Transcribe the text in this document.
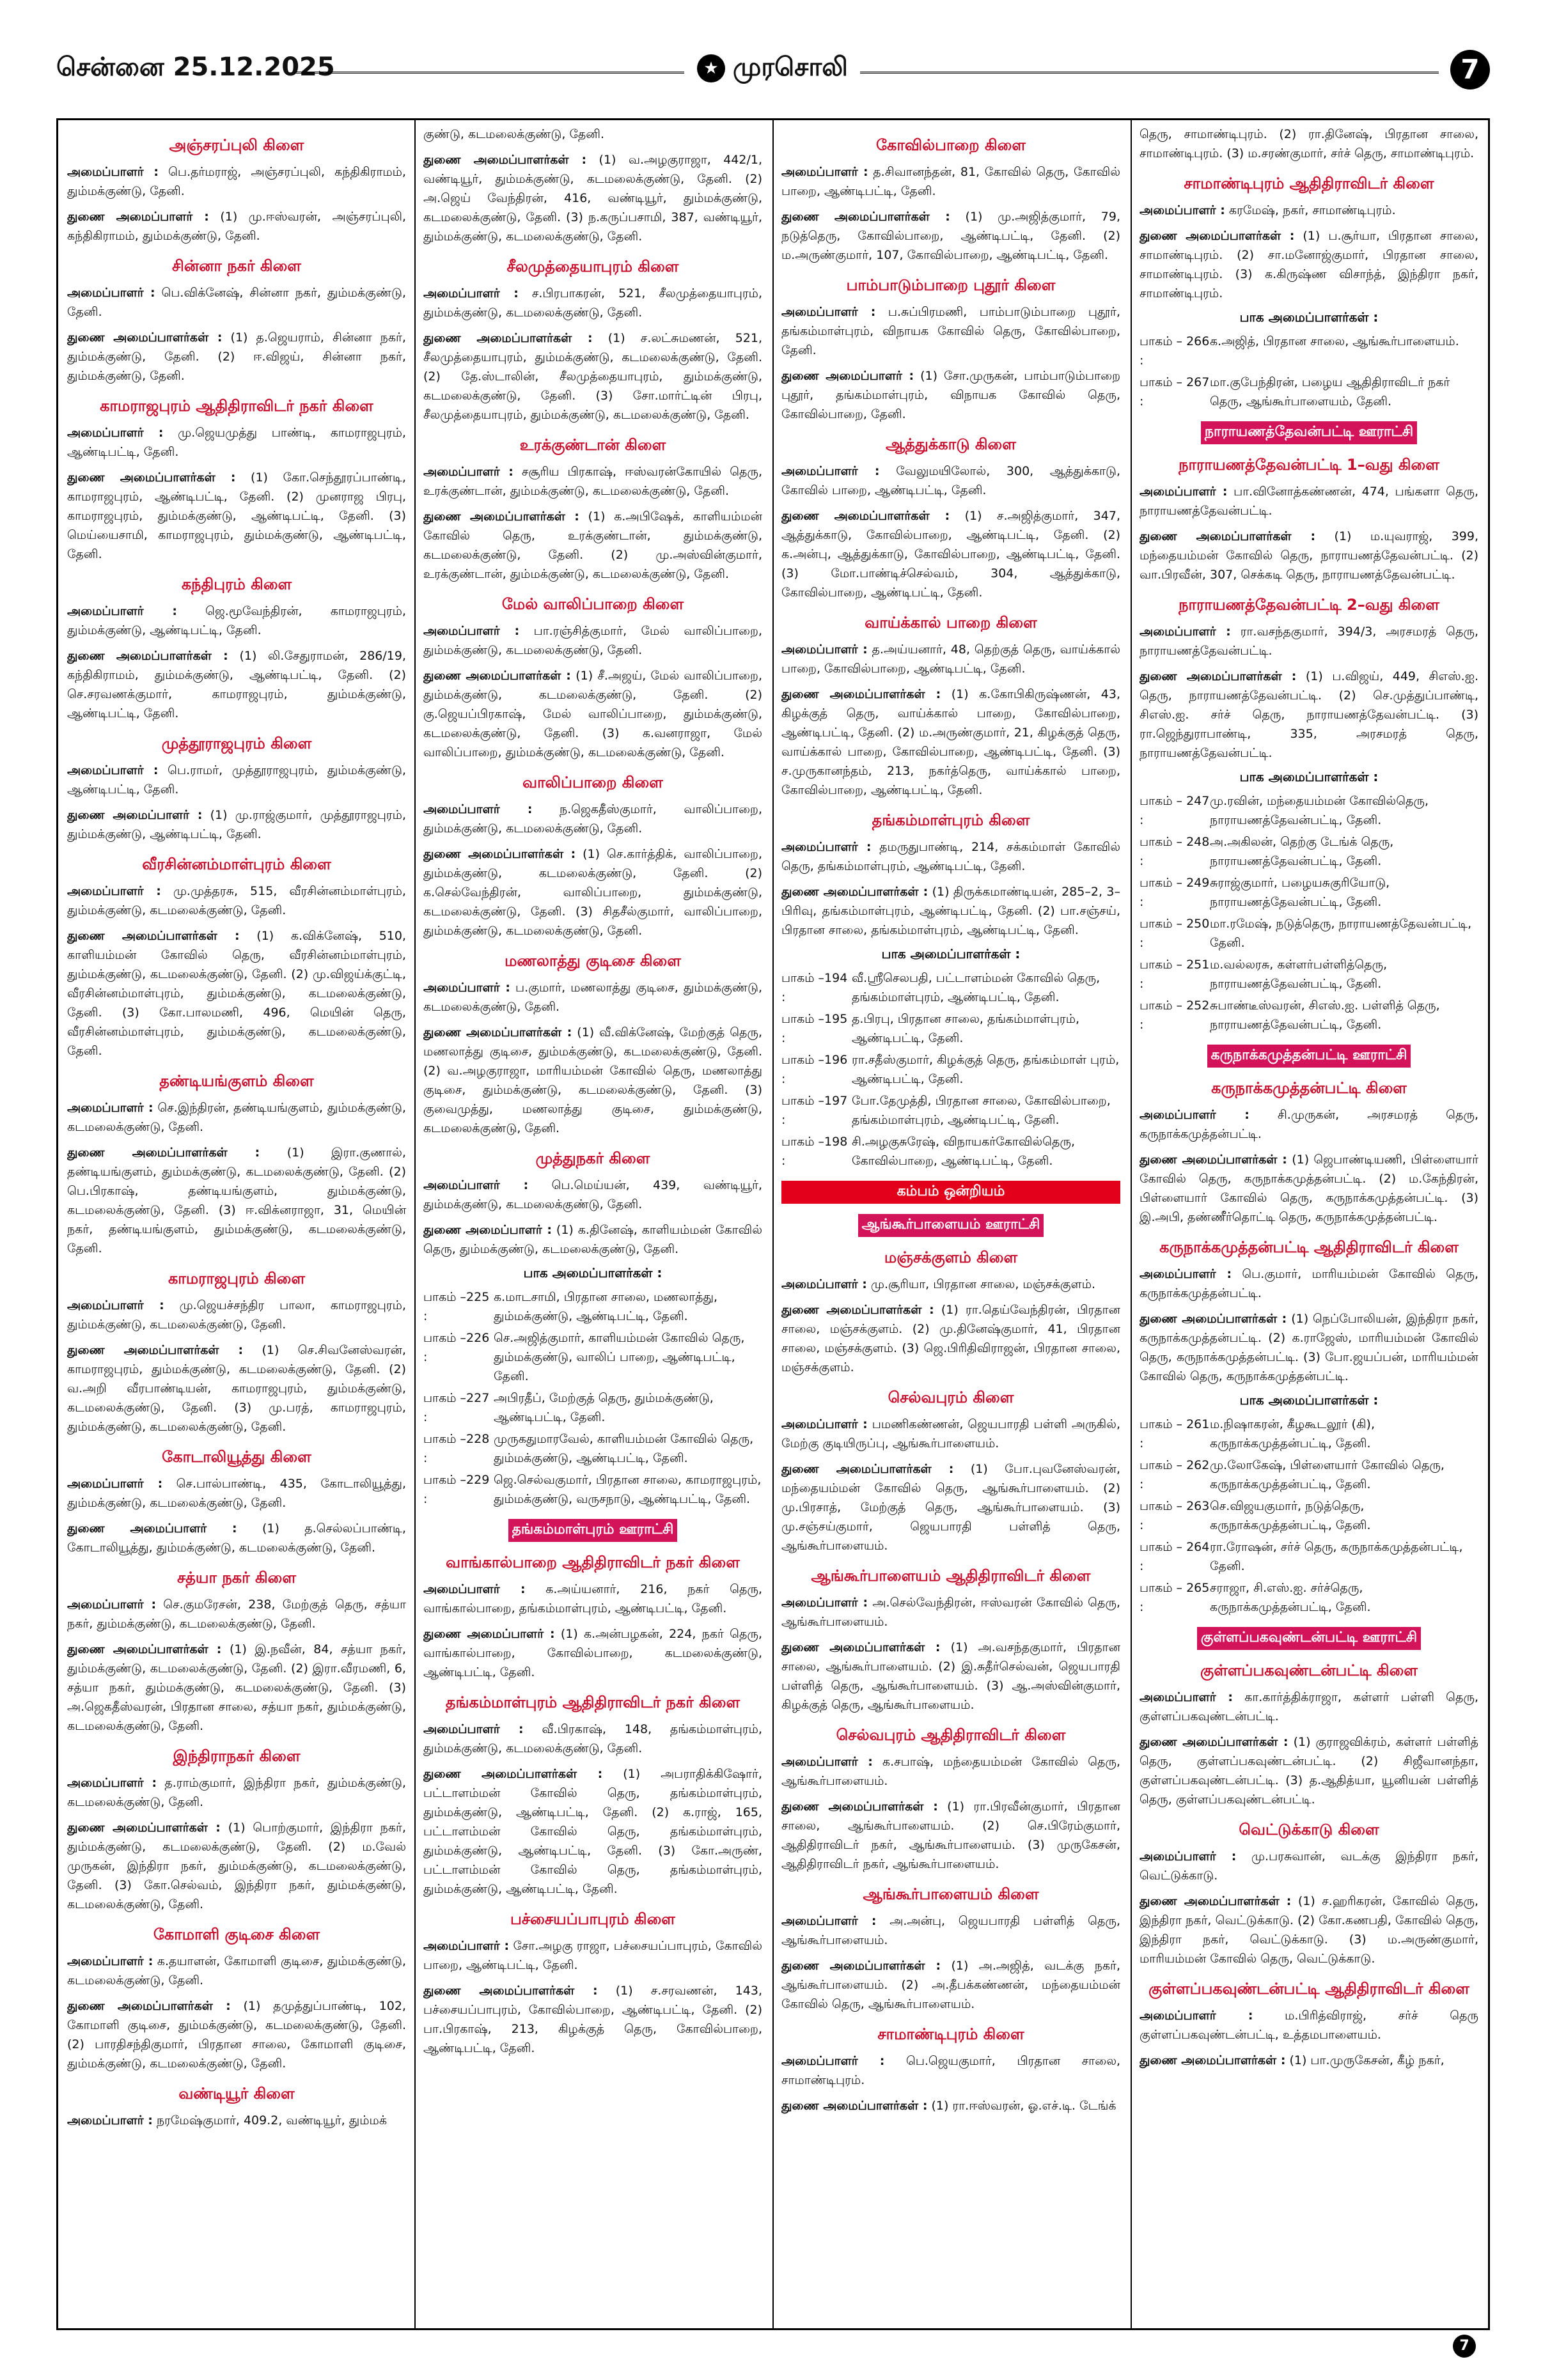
சென்னை 25.12.2025	★ முரசொலி	7
அஞ்சரப்புலி கிளை
அமைப்பாளர் : பெ.தர்மராஜ், அஞ்சரப்புலி, கந்திகிராமம், தும்மக்குண்டு, தேனி.
துணை அமைப்பாளர் : (1) மு.ஈஸ்வரன், அஞ்சரப்புலி, கந்திகிராமம், தும்மக்குண்டு, தேனி.
சின்னா நகர் கிளை
அமைப்பாளர் : பெ.விக்னேஷ், சின்னா நகர், தும்மக்குண்டு, தேனி.
துணை அமைப்பாளர்கள் : (1) த.ஜெயராம், சின்னா நகர், தும்மக்குண்டு, தேனி. (2) ஈ.விஜய், சின்னா நகர், தும்மக்குண்டு, தேனி.
காமராஜபுரம் ஆதிதிராவிடர் நகர் கிளை
அமைப்பாளர் : மு.ஜெயமுத்து பாண்டி, காமராஜபுரம், ஆண்டிபட்டி, தேனி.
துணை அமைப்பாளர்கள் : (1) கோ.செந்தூரப்பாண்டி, காமராஜபுரம், ஆண்டிபட்டி, தேனி. (2) முனராஜ பிரபு, காமராஜபுரம், தும்மக்குண்டு, ஆண்டிபட்டி, தேனி. (3) மெய்யைசாமி, காமராஜபுரம், தும்மக்குண்டு, ஆண்டிபட்டி, தேனி.
கந்திபுரம் கிளை
அமைப்பாளர் : ஜெ.மூவேந்திரன், காமராஜபுரம், தும்மக்குண்டு, ஆண்டிபட்டி, தேனி.
துணை அமைப்பாளர்கள் : (1) லி.சேதுராமன், 286/19, கந்திகிராமம், தும்மக்குண்டு, ஆண்டிபட்டி, தேனி. (2) செ.சரவணக்குமார், காமராஜபுரம், தும்மக்குண்டு, ஆண்டிபட்டி, தேனி.
முத்தூராஜபுரம் கிளை
அமைப்பாளர் : பெ.ராமர், முத்தூராஜபுரம், தும்மக்குண்டு, ஆண்டிபட்டி, தேனி.
துணை அமைப்பாளர் : (1) மு.ராஜ்குமார், முத்தூராஜபுரம், தும்மக்குண்டு, ஆண்டிபட்டி, தேனி.
வீரசின்னம்மாள்புரம் கிளை
அமைப்பாளர் : மு.முத்தரசு, 515, வீரசின்னம்மாள்புரம், தும்மக்குண்டு, கடமலைக்குண்டு, தேனி.
துணை அமைப்பாளர்கள் : (1) க.விக்னேஷ், 510, காளியம்மன் கோவில் தெரு, வீரசின்னம்மாள்புரம், தும்மக்குண்டு, கடமலைக்குண்டு, தேனி. (2) மு.விஜய்க்குட்டி, வீரசின்னம்மாள்புரம், தும்மக்குண்டு, கடமலைக்குண்டு, தேனி. (3) கோ.பாலமணி, 496, மெயின் தெரு, வீரசின்னம்மாள்புரம், தும்மக்குண்டு, கடமலைக்குண்டு, தேனி.
தண்டியங்குளம் கிளை
அமைப்பாளர் : செ.இந்திரன், தண்டியங்குளம், தும்மக்குண்டு, கடமலைக்குண்டு, தேனி.
துணை அமைப்பாளர்கள் : (1) இரா.குணால், தண்டியங்குளம், தும்மக்குண்டு, கடமலைக்குண்டு, தேனி. (2) பெ.பிரகாஷ், தண்டியங்குளம், தும்மக்குண்டு, கடமலைக்குண்டு, தேனி. (3) ஈ.விக்னராஜா, 31, மெயின் நகர், தண்டியங்குளம், தும்மக்குண்டு, கடமலைக்குண்டு, தேனி.
காமராஜபுரம் கிளை
அமைப்பாளர் : மு.ஜெயச்சந்திர பாலா, காமராஜபுரம், தும்மக்குண்டு, கடமலைக்குண்டு, தேனி.
துணை அமைப்பாளர்கள் : (1) செ.சிவனேஸ்வரன், காமராஜபுரம், தும்மக்குண்டு, கடமலைக்குண்டு, தேனி. (2) வ.அறி வீரபாண்டியன், காமராஜபுரம், தும்மக்குண்டு, கடமலைக்குண்டு, தேனி. (3) மு.பரத், காமராஜபுரம், தும்மக்குண்டு, கடமலைக்குண்டு, தேனி.
கோடாலியூத்து கிளை
அமைப்பாளர் : செ.பால்பாண்டி, 435, கோடாலியூத்து, தும்மக்குண்டு, கடமலைக்குண்டு, தேனி.
துணை அமைப்பாளர் : (1) த.செல்லப்பாண்டி, கோடாலியூத்து, தும்மக்குண்டு, கடமலைக்குண்டு, தேனி.
சத்யா நகர் கிளை
அமைப்பாளர் : செ.குமரேசன், 238, மேற்குத் தெரு, சத்யா நகர், தும்மக்குண்டு, கடமலைக்குண்டு, தேனி.
துணை அமைப்பாளர்கள் : (1) இ.நவீன், 84, சத்யா நகர், தும்மக்குண்டு, கடமலைக்குண்டு, தேனி. (2) இரா.வீரமணி, 6, சத்யா நகர், தும்மக்குண்டு, கடமலைக்குண்டு, தேனி. (3) அ.ஜெகதீஸ்வரன், பிரதான சாலை, சத்யா நகர், தும்மக்குண்டு, கடமலைக்குண்டு, தேனி.
இந்திராநகர் கிளை
அமைப்பாளர் : த.ராம்குமார், இந்திரா நகர், தும்மக்குண்டு, கடமலைக்குண்டு, தேனி.
துணை அமைப்பாளர்கள் : (1) பொற்குமார், இந்திரா நகர், தும்மக்குண்டு, கடமலைக்குண்டு, தேனி. (2) ம.வேல் முருகன், இந்திரா நகர், தும்மக்குண்டு, கடமலைக்குண்டு, தேனி. (3) கோ.செல்வம், இந்திரா நகர், தும்மக்குண்டு, கடமலைக்குண்டு, தேனி.
கோமாளி குடிசை கிளை
அமைப்பாளர் : க.தயாளன், கோமாளி குடிசை, தும்மக்குண்டு, கடமலைக்குண்டு, தேனி.
துணை அமைப்பாளர்கள் : (1) தமுத்துப்பாண்டி, 102, கோமாளி குடிசை, தும்மக்குண்டு, கடமலைக்குண்டு, தேனி. (2) பாரதிசந்திகுமார், பிரதான சாலை, கோமாளி குடிசை, தும்மக்குண்டு, கடமலைக்குண்டு, தேனி.
வண்டியூர் கிளை
அமைப்பாளர் : நரமேஷ்குமார், 409.2, வண்டியூர், தும்மக்
குண்டு, கடமலைக்குண்டு, தேனி.
துணை அமைப்பாளர்கள் : (1) வ.அழகுராஜா, 442/1, வண்டியூர், தும்மக்குண்டு, கடமலைக்குண்டு, தேனி. (2) அ.ஜெய் வேந்திரன், 416, வண்டியூர், தும்மக்குண்டு, கடமலைக்குண்டு, தேனி. (3) ந.கருப்பசாமி, 387, வண்டியூர், தும்மக்குண்டு, கடமலைக்குண்டு, தேனி.
சீலமுத்தையாபுரம் கிளை
அமைப்பாளர் : ச.பிரபாகரன், 521, சீலமுத்தையாபுரம், தும்மக்குண்டு, கடமலைக்குண்டு, தேனி.
துணை அமைப்பாளர்கள் : (1) ச.லட்சுமணன், 521, சீலமுத்தையாபுரம், தும்மக்குண்டு, கடமலைக்குண்டு, தேனி. (2) தே.ஸ்டாலின், சீலமுத்தையாபுரம், தும்மக்குண்டு, கடமலைக்குண்டு, தேனி. (3) சோ.மார்ட்டின் பிரபு, சீலமுத்தையாபுரம், தும்மக்குண்டு, கடமலைக்குண்டு, தேனி.
உரக்குண்டான் கிளை
அமைப்பாளர் : சசூரிய பிரகாஷ், ஈஸ்வரன்கோயில் தெரு, உரக்குண்டான், தும்மக்குண்டு, கடமலைக்குண்டு, தேனி.
துணை அமைப்பாளர்கள் : (1) க.அபிஷேக், காளியம்மன் கோவில் தெரு, உரக்குண்டான், தும்மக்குண்டு, கடமலைக்குண்டு, தேனி. (2) மு.அஸ்வின்குமார், உரக்குண்டான், தும்மக்குண்டு, கடமலைக்குண்டு, தேனி.
மேல் வாலிப்பாறை கிளை
அமைப்பாளர் : பா.ரஞ்சித்குமார், மேல் வாலிப்பாறை, தும்மக்குண்டு, கடமலைக்குண்டு, தேனி.
துணை அமைப்பாளர்கள் : (1) சீ.அஜய், மேல் வாலிப்பாறை, தும்மக்குண்டு, கடமலைக்குண்டு, தேனி. (2) கு.ஜெயப்பிரகாஷ், மேல் வாலிப்பாறை, தும்மக்குண்டு, கடமலைக்குண்டு, தேனி. (3) க.வனராஜா, மேல் வாலிப்பாறை, தும்மக்குண்டு, கடமலைக்குண்டு, தேனி.
வாலிப்பாறை கிளை
அமைப்பாளர் : ந.ஜெகதீஸ்குமார், வாலிப்பாறை, தும்மக்குண்டு, கடமலைக்குண்டு, தேனி.
துணை அமைப்பாளர்கள் : (1) செ.கார்த்திக், வாலிப்பாறை, தும்மக்குண்டு, கடமலைக்குண்டு, தேனி. (2) க.செல்வேந்திரன், வாலிப்பாறை, தும்மக்குண்டு, கடமலைக்குண்டு, தேனி. (3) சிதசீல்குமார், வாலிப்பாறை, தும்மக்குண்டு, கடமலைக்குண்டு, தேனி.
மணலாத்து குடிசை கிளை
அமைப்பாளர் : ப.குமார், மணலாத்து குடிசை, தும்மக்குண்டு, கடமலைக்குண்டு, தேனி.
துணை அமைப்பாளர்கள் : (1) வீ.விக்னேஷ், மேற்குத் தெரு, மணலாத்து குடிசை, தும்மக்குண்டு, கடமலைக்குண்டு, தேனி. (2) வ.அழகுராஜா, மாரியம்மன் கோவில் தெரு, மணலாத்து குடிசை, தும்மக்குண்டு, கடமலைக்குண்டு, தேனி. (3) குவைமுத்து, மணலாத்து குடிசை, தும்மக்குண்டு, கடமலைக்குண்டு, தேனி.
முத்துநகர் கிளை
அமைப்பாளர் : பெ.மெய்யன், 439, வண்டியூர், தும்மக்குண்டு, கடமலைக்குண்டு, தேனி.
துணை அமைப்பாளர் : (1) க.தினேஷ், காளியம்மன் கோவில் தெரு, தும்மக்குண்டு, கடமலைக்குண்டு, தேனி.
பாக அமைப்பாளர்கள் :
பாகம் –225 :
க.மாடசாமி, பிரதான சாலை, மணலாத்து, தும்மக்குண்டு, ஆண்டிபட்டி, தேனி.
பாகம் –226 :
செ.அஜித்குமார், காளியம்மன் கோவில் தெரு, தும்மக்குண்டு, வாலிப் பாறை, ஆண்டிபட்டி, தேனி.
பாகம் –227 :
அபிரதீப், மேற்குத் தெரு, தும்மக்குண்டு, ஆண்டிபட்டி, தேனி.
பாகம் –228 :
முருகதுமாரவேல், காளியம்மன் கோவில் தெரு, தும்மக்குண்டு, ஆண்டிபட்டி, தேனி.
பாகம் –229 :
ஜெ.செல்வகுமார், பிரதான சாலை, காமராஜபுரம், தும்மக்குண்டு, வருசநாடு, ஆண்டிபட்டி, தேனி.
தங்கம்மாள்புரம் ஊராட்சி
வாங்கால்பாறை ஆதிதிராவிடர் நகர் கிளை
அமைப்பாளர் : க.அய்யனார், 216, நகர் தெரு, வாங்கால்பாறை, தங்கம்மாள்புரம், ஆண்டிபட்டி, தேனி.
துணை அமைப்பாளர் : (1) க.அன்பழகன், 224, நகர் தெரு, வாங்கால்பாறை, கோவில்பாறை, கடமலைக்குண்டு, ஆண்டிபட்டி, தேனி.
தங்கம்மாள்புரம் ஆதிதிராவிடர் நகர் கிளை
அமைப்பாளர் : வீ.பிரகாஷ், 148, தங்கம்மாள்புரம், தும்மக்குண்டு, கடமலைக்குண்டு, தேனி.
துணை அமைப்பாளர்கள் : (1) அபராதிக்கிஷோர், பட்டாளம்மன் கோவில் தெரு, தங்கம்மாள்புரம், தும்மக்குண்டு, ஆண்டிபட்டி, தேனி. (2) க.ராஜ், 165, பட்டாளம்மன் கோவில் தெரு, தங்கம்மாள்புரம், தும்மக்குண்டு, ஆண்டிபட்டி, தேனி. (3) கோ.அருண், பட்டாளம்மன் கோவில் தெரு, தங்கம்மாள்புரம், தும்மக்குண்டு, ஆண்டிபட்டி, தேனி.
பச்சையப்பாபுரம் கிளை
அமைப்பாளர் : சோ.அழகு ராஜா, பச்சையப்பாபுரம், கோவில் பாறை, ஆண்டிபட்டி, தேனி.
துணை அமைப்பாளர்கள் : (1) ச.சரவணன், 143, பச்சையப்பாபுரம், கோவில்பாறை, ஆண்டிபட்டி, தேனி. (2) பா.பிரகாஷ், 213, கிழக்குத் தெரு, கோவில்பாறை, ஆண்டிபட்டி, தேனி.
கோவில்பாறை கிளை
அமைப்பாளர் : த.சிவானந்தன், 81, கோவில் தெரு, கோவில் பாறை, ஆண்டிபட்டி, தேனி.
துணை அமைப்பாளர்கள் : (1) மு.அஜித்குமார், 79, நடுத்தெரு, கோவில்பாறை, ஆண்டிபட்டி, தேனி. (2) ம.அருண்குமார், 107, கோவில்பாறை, ஆண்டிபட்டி, தேனி.
பாம்பாடும்பாறை புதூர் கிளை
அமைப்பாளர் : ப.சுப்பிரமணி, பாம்பாடும்பாறை புதூர், தங்கம்மாள்புரம், விநாயக கோவில் தெரு, கோவில்பாறை, தேனி.
துணை அமைப்பாளர் : (1) சோ.முருகன், பாம்பாடும்பாறை புதூர், தங்கம்மாள்புரம், விநாயக கோவில் தெரு, கோவில்பாறை, தேனி.
ஆத்துக்காடு கிளை
அமைப்பாளர் : வேலுமயிலோல், 300, ஆத்துக்காடு, கோவில் பாறை, ஆண்டிபட்டி, தேனி.
துணை அமைப்பாளர்கள் : (1) ச.அஜித்குமார், 347, ஆத்துக்காடு, கோவில்பாறை, ஆண்டிபட்டி, தேனி. (2) க.அன்பு, ஆத்துக்காடு, கோவில்பாறை, ஆண்டிபட்டி, தேனி. (3) மோ.பாண்டிச்செல்வம், 304, ஆத்துக்காடு, கோவில்பாறை, ஆண்டிபட்டி, தேனி.
வாய்க்கால் பாறை கிளை
அமைப்பாளர் : த.அய்யனார், 48, தெற்குத் தெரு, வாய்க்கால் பாறை, கோவில்பாறை, ஆண்டிபட்டி, தேனி.
துணை அமைப்பாளர்கள் : (1) க.கோபிகிருஷ்ணன், 43, கிழக்குத் தெரு, வாய்க்கால் பாறை, கோவில்பாறை, ஆண்டிபட்டி, தேனி. (2) ம.அருண்குமார், 21, கிழக்குத் தெரு, வாய்க்கால் பாறை, கோவில்பாறை, ஆண்டிபட்டி, தேனி. (3) ச.முருகானந்தம், 213, நகர்த்தெரு, வாய்க்கால் பாறை, கோவில்பாறை, ஆண்டிபட்டி, தேனி.
தங்கம்மாள்புரம் கிளை
அமைப்பாளர் : தமருதுபாண்டி, 214, சக்கம்மாள் கோவில் தெரு, தங்கம்மாள்புரம், ஆண்டிபட்டி, தேனி.
துணை அமைப்பாளர்கள் : (1) திருக்கமாண்டியன், 285–2, 3–பிரிவு, தங்கம்மாள்புரம், ஆண்டிபட்டி, தேனி. (2) பா.சஞ்சய், பிரதான சாலை, தங்கம்மாள்புரம், ஆண்டிபட்டி, தேனி.
பாக அமைப்பாளர்கள் :
பாகம் –194 :
வீ.ஸ்ரீசெலபதி, பட்டாளம்மன் கோவில் தெரு, தங்கம்மாள்புரம், ஆண்டிபட்டி, தேனி.
பாகம் –195 :
த.பிரபு, பிரதான சாலை, தங்கம்மாள்புரம், ஆண்டிபட்டி, தேனி.
பாகம் –196 :
ரா.சதீஸ்குமார், கிழக்குத் தெரு, தங்கம்மாள் புரம், ஆண்டிபட்டி, தேனி.
பாகம் –197 :
போ.தேமுத்தி, பிரதான சாலை, கோவில்பாறை, தங்கம்மாள்புரம், ஆண்டிபட்டி, தேனி.
பாகம் –198 :
சி.அழகுசுரேஷ், விநாயகர்கோவில்தெரு, கோவில்பாறை, ஆண்டிபட்டி, தேனி.
கம்பம் ஒன்றியம்
ஆங்கூர்பாளையம் ஊராட்சி
மஞ்சக்குளம் கிளை
அமைப்பாளர் : மு.சூரியா, பிரதான சாலை, மஞ்சக்குளம்.
துணை அமைப்பாளர்கள் : (1) ரா.தெய்வேந்திரன், பிரதான சாலை, மஞ்சக்குளம். (2) மு.தினேஷ்குமார், 41, பிரதான சாலை, மஞ்சக்குளம். (3) ஜெ.பிரிதிவிராஜன், பிரதான சாலை, மஞ்சக்குளம்.
செல்வபுரம் கிளை
அமைப்பாளர் : பமணிகண்ணன், ஜெயபாரதி பள்ளி அருகில், மேற்கு குடியிருப்பு, ஆங்கூர்பாளையம்.
துணை அமைப்பாளர்கள் : (1) போ.புவனேஸ்வரன், மந்தையம்மன் கோவில் தெரு, ஆங்கூர்பாளையம். (2) மு.பிரசாத், மேற்குத் தெரு, ஆங்கூர்பாளையம். (3) மு.சஞ்சய்குமார், ஜெயபாரதி பள்ளித் தெரு, ஆங்கூர்பாளையம்.
ஆங்கூர்பாளையம் ஆதிதிராவிடர் கிளை
அமைப்பாளர் : அ.செல்வேந்திரன், ஈஸ்வரன் கோவில் தெரு, ஆங்கூர்பாளையம்.
துணை அமைப்பாளர்கள் : (1) அ.வசந்தகுமார், பிரதான சாலை, ஆங்கூர்பாளையம். (2) இ.சுதீர்செல்வன், ஜெயபாரதி பள்ளித் தெரு, ஆங்கூர்பாளையம். (3) ஆ.அஸ்வின்குமார், கிழக்குத் தெரு, ஆங்கூர்பாளையம்.
செல்வபுரம் ஆதிதிராவிடர் கிளை
அமைப்பாளர் : க.சபாஷ், மந்தையம்மன் கோவில் தெரு, ஆங்கூர்பாளையம்.
துணை அமைப்பாளர்கள் : (1) ரா.பிரவீன்குமார், பிரதான சாலை, ஆங்கூர்பாளையம். (2) செ.பிரேம்குமார், ஆதிதிராவிடர் நகர், ஆங்கூர்பாளையம். (3) முருகேசன், ஆதிதிராவிடர் நகர், ஆங்கூர்பாளையம்.
ஆங்கூர்பாளையம் கிளை
அமைப்பாளர் : அ.அன்பு, ஜெயபாரதி பள்ளித் தெரு, ஆங்கூர்பாளையம்.
துணை அமைப்பாளர்கள் : (1) அ.அஜித், வடக்கு நகர், ஆங்கூர்பாளையம். (2) அ.தீபக்கண்ணன், மந்தையம்மன் கோவில் தெரு, ஆங்கூர்பாளையம்.
சாமாண்டிபுரம் கிளை
அமைப்பாளர் : பெ.ஜெயகுமார், பிரதான சாலை, சாமாண்டிபுரம்.
துணை அமைப்பாளர்கள் : (1) ரா.ஈஸ்வரன், ஓ.எச்.டி. டேங்க்
தெரு, சாமாண்டிபுரம். (2) ரா.தினேஷ், பிரதான சாலை, சாமாண்டிபுரம். (3) ம.சரண்குமார், சர்ச் தெரு, சாமாண்டிபுரம்.
சாமாண்டிபுரம் ஆதிதிராவிடர் கிளை
அமைப்பாளர் : கரமேஷ், நகர், சாமாண்டிபுரம்.
துணை அமைப்பாளர்கள் : (1) ப.சூர்யா, பிரதான சாலை, சாமாண்டிபுரம். (2) சா.மனோஜ்குமார், பிரதான சாலை, சாமாண்டிபுரம். (3) க.கிருஷ்ண விசாந்த், இந்திரா நகர், சாமாண்டிபுரம்.
பாக அமைப்பாளர்கள் :
பாகம் – 266 :
க.அஜித், பிரதான சாலை, ஆங்கூர்பாளையம்.
பாகம் – 267 :
மா.குபேந்திரன், பழைய ஆதிதிராவிடர் நகர் தெரு, ஆங்கூர்பாளையம், தேனி.
நாராயணத்தேவன்பட்டி ஊராட்சி
நாராயணத்தேவன்பட்டி 1–வது கிளை
அமைப்பாளர் : பா.வினோத்கண்ணன், 474, பங்களா தெரு, நாராயணத்தேவன்பட்டி.
துணை அமைப்பாளர்கள் : (1) ம.யுவராஜ், 399, மந்தையம்மன் கோவில் தெரு, நாராயணத்தேவன்பட்டி. (2) வா.பிரவீன், 307, செக்கடி தெரு, நாராயணத்தேவன்பட்டி.
நாராயணத்தேவன்பட்டி 2–வது கிளை
அமைப்பாளர் : ரா.வசந்தகுமார், 394/3, அரசமரத் தெரு, நாராயணத்தேவன்பட்டி.
துணை அமைப்பாளர்கள் : (1) ப.விஜய், 449, சிஎஸ்.ஐ. தெரு, நாராயணத்தேவன்பட்டி. (2) செ.முத்துப்பாண்டி, சிஎஸ்.ஐ. சர்ச் தெரு, நாராயணத்தேவன்பட்டி. (3) ரா.ஜெந்துராபாண்டி, 335, அரசமரத் தெரு, நாராயணத்தேவன்பட்டி.
பாக அமைப்பாளர்கள் :
பாகம் – 247 :
மு.ரவின், மந்தையம்மன் கோவில்தெரு, நாராயணத்தேவன்பட்டி, தேனி.
பாகம் – 248 :
அ.அகிலன், தெற்கு டேங்க் தெரு, நாராயணத்தேவன்பட்டி, தேனி.
பாகம் – 249 :
சுராஜ்குமார், பழையசுகுரியோடு, நாராயணத்தேவன்பட்டி, தேனி.
பாகம் – 250 :
மா.ரமேஷ், நடுத்தெரு, நாராயணத்தேவன்பட்டி, தேனி.
பாகம் – 251 :
ம.வல்லரசு, கள்ளர்பள்ளித்தெரு, நாராயணத்தேவன்பட்டி, தேனி.
பாகம் – 252 :
சுபாண்டீஸ்வரன், சிஎஸ்.ஐ. பள்ளித் தெரு, நாராயணத்தேவன்பட்டி, தேனி.
கருநாக்கமுத்தன்பட்டி ஊராட்சி
கருநாக்கமுத்தன்பட்டி கிளை
அமைப்பாளர் : சி.முருகன், அரசமரத் தெரு, கருநாக்கமுத்தன்பட்டி.
துணை அமைப்பாளர்கள் : (1) ஜெபாண்டியணி, பிள்ளையார் கோவில் தெரு, கருநாக்கமுத்தன்பட்டி. (2) ம.கேந்திரன், பிள்ளையார் கோவில் தெரு, கருநாக்கமுத்தன்பட்டி. (3) இ.அபி, தண்ணீர்தொட்டி தெரு, கருநாக்கமுத்தன்பட்டி.
கருநாக்கமுத்தன்பட்டி ஆதிதிராவிடர் கிளை
அமைப்பாளர் : பெ.குமார், மாரியம்மன் கோவில் தெரு, கருநாக்கமுத்தன்பட்டி.
துணை அமைப்பாளர்கள் : (1) நெப்போலியன், இந்திரா நகர், கருநாக்கமுத்தன்பட்டி. (2) க.ராஜேஸ், மாரியம்மன் கோவில் தெரு, கருநாக்கமுத்தன்பட்டி. (3) போ.ஜயப்பன், மாரியம்மன் கோவில் தெரு, கருநாக்கமுத்தன்பட்டி.
பாக அமைப்பாளர்கள் :
பாகம் – 261 :
ம.நிஷாகரன், கீழகூடலூர் (கி), கருநாக்கமுத்தன்பட்டி, தேனி.
பாகம் – 262 :
மு.லோகேஷ், பிள்ளையார் கோவில் தெரு, கருநாக்கமுத்தன்பட்டி, தேனி.
பாகம் – 263 :
செ.விஜயகுமார், நடுத்தெரு, கருநாக்கமுத்தன்பட்டி, தேனி.
பாகம் – 264 :
ரா.ரோஷன், சர்ச் தெரு, கருநாக்கமுத்தன்பட்டி, தேனி.
பாகம் – 265 :
சராஜா, சி.எஸ்.ஐ. சர்ச்தெரு, கருநாக்கமுத்தன்பட்டி, தேனி.
குள்ளப்பகவுண்டன்பட்டி ஊராட்சி
குள்ளப்பகவுண்டன்பட்டி கிளை
அமைப்பாளர் : கா.கார்த்திக்ராஜா, கள்ளர் பள்ளி தெரு, குள்ளப்பகவுண்டன்பட்டி.
துணை அமைப்பாளர்கள் : (1) குராஜவிக்ரம், கள்ளர் பள்ளித் தெரு, குள்ளப்பகவுண்டன்பட்டி. (2) சிஜீவானந்தா, குள்ளப்பகவுண்டன்பட்டி. (3) த.ஆதித்யா, யூனியன் பள்ளித் தெரு, குள்ளப்பகவுண்டன்பட்டி.
வெட்டுக்காடு கிளை
அமைப்பாளர் : மு.பரசுவான், வடக்கு இந்திரா நகர், வெட்டுக்காடு.
துணை அமைப்பாளர்கள் : (1) ச.ஹரிகரன், கோவில் தெரு, இந்திரா நகர், வெட்டுக்காடு. (2) கோ.கணபதி, கோவில் தெரு, இந்திரா நகர், வெட்டுக்காடு. (3) ம.அருண்குமார், மாரியம்மன் கோவில் தெரு, வெட்டுக்காடு.
குள்ளப்பகவுண்டன்பட்டி ஆதிதிராவிடர் கிளை
அமைப்பாளர் :	ம.பிரித்விராஜ், சர்ச் தெரு குள்ளப்பகவுண்டன்பட்டி, உத்தமபாளையம்.
துணை அமைப்பாளர்கள் : (1) பா.முருகேசன், கீழ் நகர்,
7
